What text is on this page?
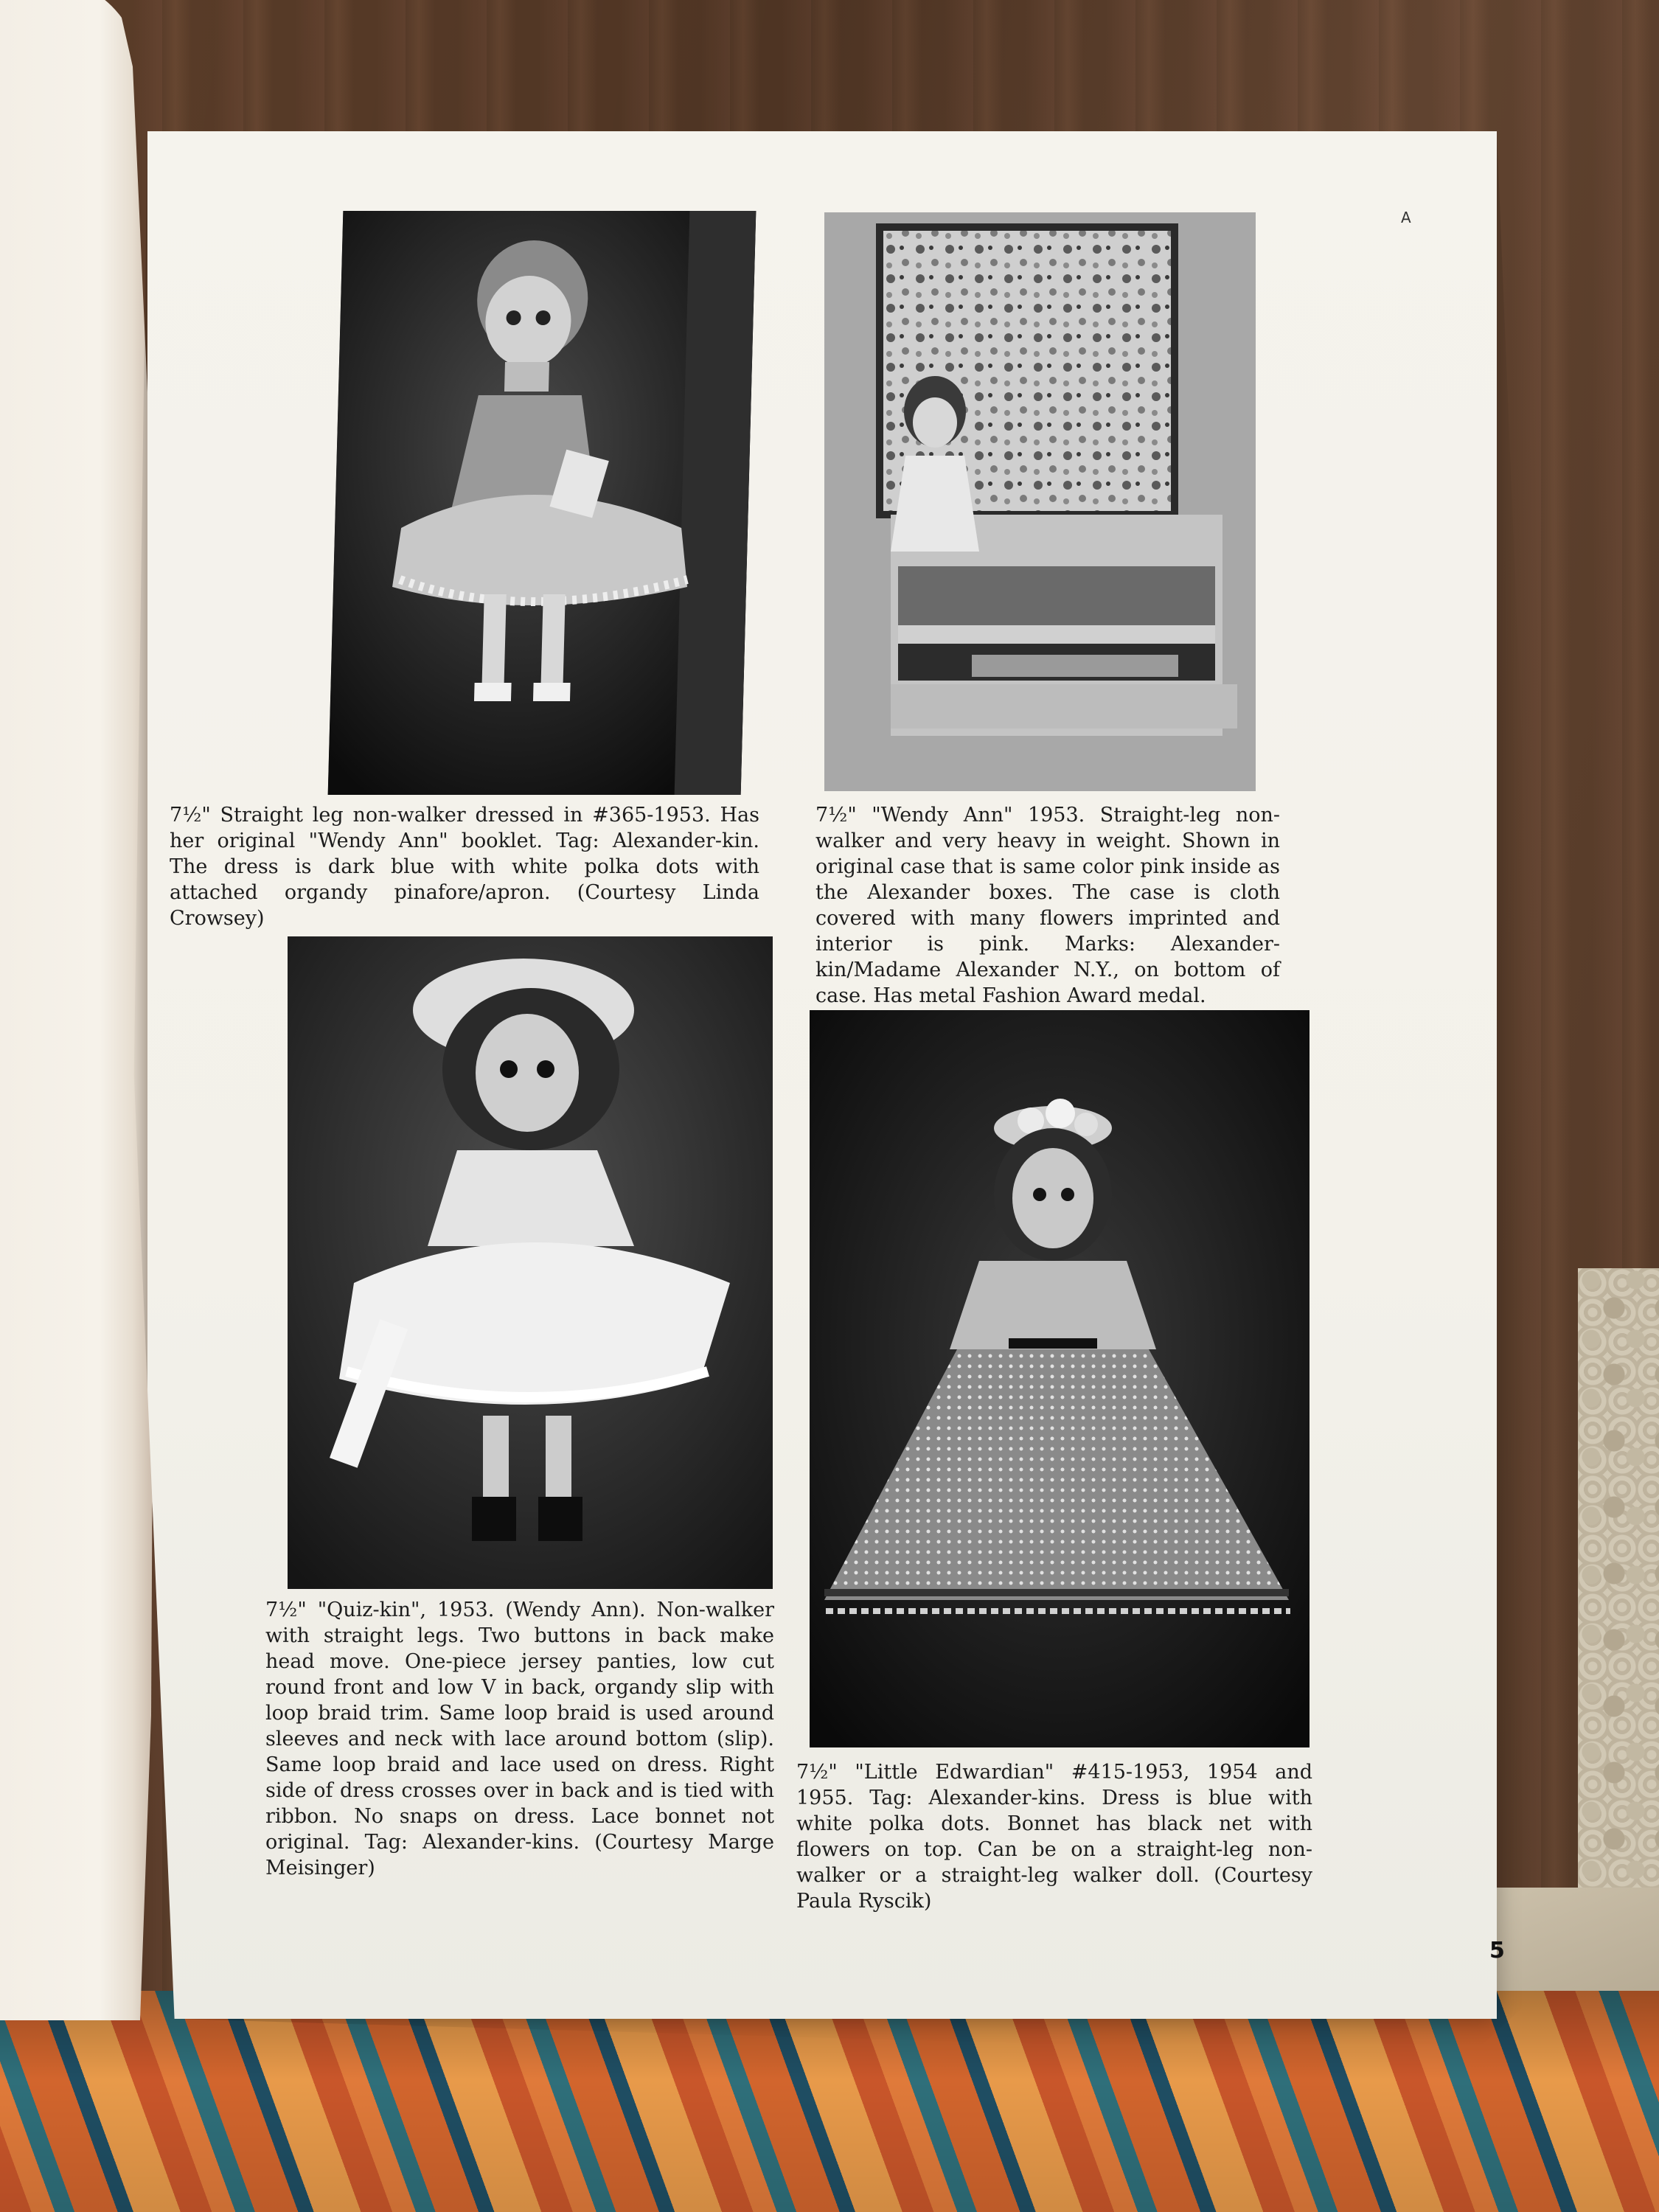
A
7½" Straight leg non-walker dressed in #365-1953. Has her original "Wendy Ann" booklet. Tag: Alexander-kin. The dress is dark blue with white polka dots with attached organdy pinafore/apron. (Courtesy Linda Crowsey)
7½" "Wendy Ann" 1953. Straight-leg non-walker and very heavy in weight. Shown in original case that is same color pink inside as the Alexander boxes. The case is cloth covered with many flowers imprinted and interior is pink. Marks: Alexander-kin/Madame Alexander N.Y., on bottom of case. Has metal Fashion Award medal.
7½" "Quiz-kin", 1953. (Wendy Ann). Non-walker with straight legs. Two buttons in back make head move. One-piece jersey panties, low cut round front and low V in back, organdy slip with loop braid trim. Same loop braid is used around sleeves and neck with lace around bottom (slip). Same loop braid and lace used on dress. Right side of dress crosses over in back and is tied with ribbon. No snaps on dress. Lace bonnet not original. Tag: Alexander-kins. (Courtesy Marge Meisinger)
7½" "Little Edwardian" #415-1953, 1954 and 1955. Tag: Alexander-kins. Dress is blue with white polka dots. Bonnet has black net with flowers on top. Can be on a straight-leg non-walker or a straight-leg walker doll. (Courtesy Paula Ryscik)
5
